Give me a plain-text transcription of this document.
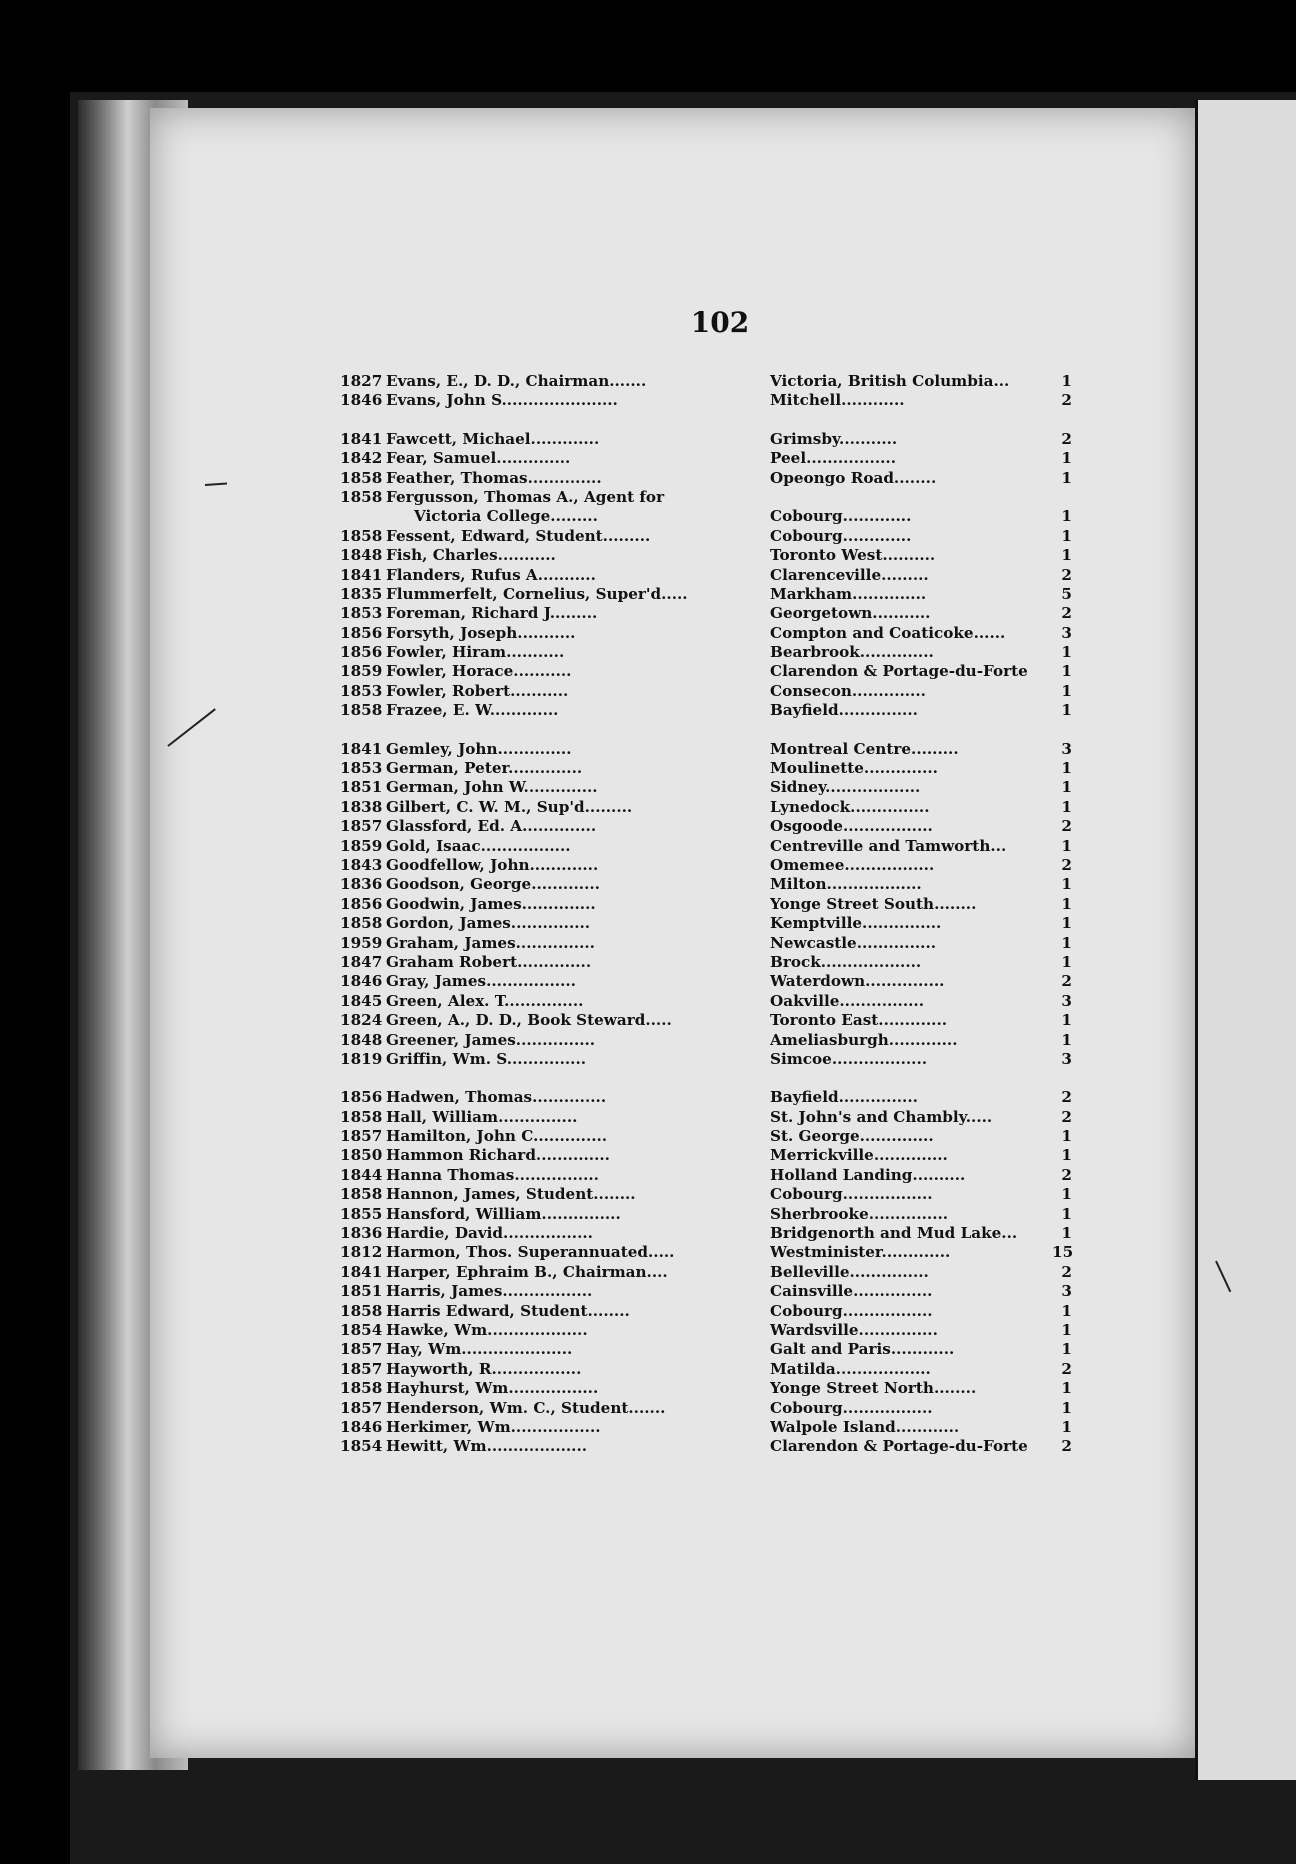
102
1827 Evans, E., D. D., Chairman.......	Victoria, British Columbia...	1
1846 Evans, John S......................	Mitchell............	2
1841 Fawcett, Michael.............	Grimsby...........	2
1842 Fear, Samuel..............	Peel.................	1
1858 Feather, Thomas..............	Opeongo Road........	1
1858 Fergusson, Thomas A., Agent for
Victoria College.........	Cobourg.............	1
1858 Fessent, Edward, Student.........	Cobourg.............	1
1848 Fish, Charles...........	Toronto West..........	1
1841 Flanders, Rufus A...........	Clarenceville.........	2
1835 Flummerfelt, Cornelius, Super'd.....	Markham..............	5
1853 Foreman, Richard J.........	Georgetown...........	2
1856 Forsyth, Joseph...........	Compton and Coaticoke......	3
1856 Fowler, Hiram...........	Bearbrook..............	1
1859 Fowler, Horace...........	Clarendon & Portage-du-Forte	1
1853 Fowler, Robert...........	Consecon..............	1
1858 Frazee, E. W.............	Bayfield...............	1
1841 Gemley, John..............	Montreal Centre.........	3
1853 German, Peter..............	Moulinette..............	1
1851 German, John W..............	Sidney..................	1
1838 Gilbert, C. W. M., Sup'd.........	Lynedock...............	1
1857 Glassford, Ed. A..............	Osgoode.................	2
1859 Gold, Isaac.................	Centreville and Tamworth...	1
1843 Goodfellow, John.............	Omemee.................	2
1836 Goodson, George.............	Milton..................	1
1856 Goodwin, James..............	Yonge Street South........	1
1858 Gordon, James...............	Kemptville...............	1
1959 Graham, James...............	Newcastle...............	1
1847 Graham Robert..............	Brock...................	1
1846 Gray, James.................	Waterdown...............	2
1845 Green, Alex. T...............	Oakville................	3
1824 Green, A., D. D., Book Steward.....	Toronto East.............	1
1848 Greener, James...............	Ameliasburgh.............	1
1819 Griffin, Wm. S...............	Simcoe..................	3
1856 Hadwen, Thomas..............	Bayfield...............	2
1858 Hall, William...............	St. John's and Chambly.....	2
1857 Hamilton, John C..............	St. George..............	1
1850 Hammon Richard..............	Merrickville..............	1
1844 Hanna Thomas................	Holland Landing..........	2
1858 Hannon, James, Student........	Cobourg.................	1
1855 Hansford, William...............	Sherbrooke...............	1
1836 Hardie, David.................	Bridgenorth and Mud Lake...	1
1812 Harmon, Thos. Superannuated.....	Westminister.............	15
1841 Harper, Ephraim B., Chairman....	Belleville...............	2
1851 Harris, James.................	Cainsville...............	3
1858 Harris Edward, Student........	Cobourg.................	1
1854 Hawke, Wm...................	Wardsville...............	1
1857 Hay, Wm.....................	Galt and Paris............	1
1857 Hayworth, R.................	Matilda..................	2
1858 Hayhurst, Wm.................	Yonge Street North........	1
1857 Henderson, Wm. C., Student.......	Cobourg.................	1
1846 Herkimer, Wm.................	Walpole Island............	1
1854 Hewitt, Wm...................	Clarendon & Portage-du-Forte	2
